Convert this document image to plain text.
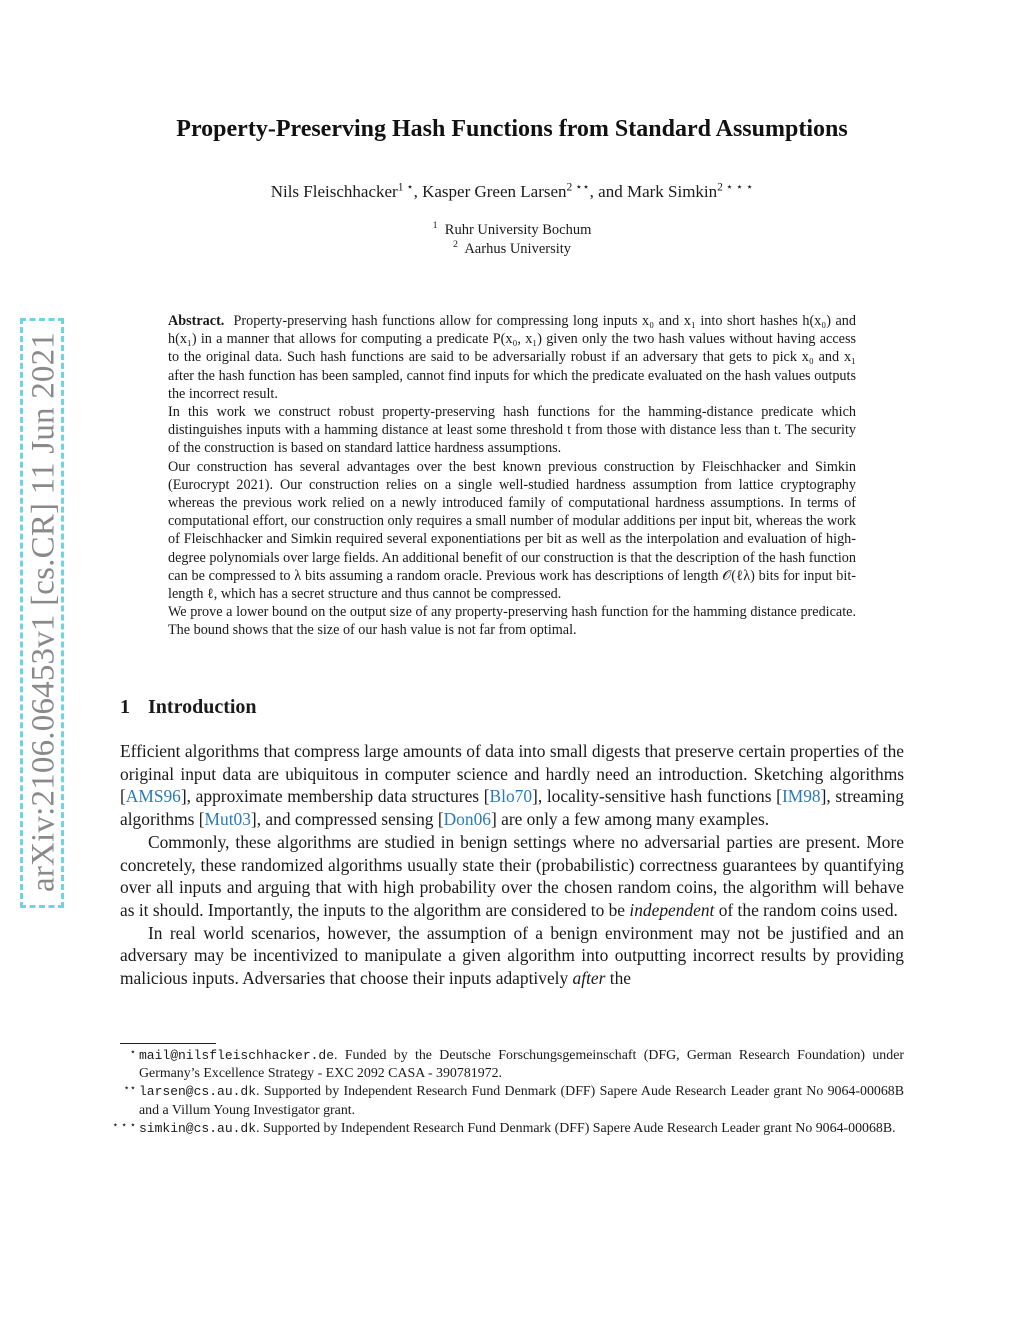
arXiv:2106.06453v1 [cs.CR] 11 Jun 2021
Property-Preserving Hash Functions from Standard Assumptions
Nils Fleischhacker$^{1 ⋆}$, Kasper Green Larsen$^{2 ⋆⋆}$, and Mark Simkin$^{2 ⋆ ⋆ ⋆}$
$^1$ Ruhr University Bochum
$^2$ Aarhus University

Abstract. Property-preserving hash functions allow for compressing long inputs x₀ and x₁ into short hashes h(x₀) and h(x₁) in a manner that allows for computing a predicate P(x₀, x₁) given only the two hash values without having access to the original data. Such hash functions are said to be adversarially robust if an adversary that gets to pick x₀ and x₁ after the hash function has been sampled, cannot find inputs for which the predicate evaluated on the hash values outputs the incorrect result.

In this work we construct robust property-preserving hash functions for the hamming-distance predicate which distinguishes inputs with a hamming distance at least some threshold t from those with distance less than t. The security of the construction is based on standard lattice hardness assumptions.

Our construction has several advantages over the best known previous construction by Fleischhacker and Simkin (Eurocrypt 2021). Our construction relies on a single well-studied hardness assumption from lattice cryptography whereas the previous work relied on a newly introduced family of computational hardness assumptions. In terms of computational effort, our construction only requires a small number of modular additions per input bit, whereas the work of Fleischhacker and Simkin required several exponentiations per bit as well as the interpolation and evaluation of high-degree polynomials over large fields. An additional benefit of our construction is that the description of the hash function can be compressed to λ bits assuming a random oracle. Previous work has descriptions of length 𝒪(ℓλ) bits for input bit-length ℓ, which has a secret structure and thus cannot be compressed.

We prove a lower bound on the output size of any property-preserving hash function for the hamming distance predicate. The bound shows that the size of our hash value is not far from optimal.

1 Introduction

Efficient algorithms that compress large amounts of data into small digests that preserve certain properties of the original input data are ubiquitous in computer science and hardly need an introduction. Sketching algorithms [AMS96], approximate membership data structures [Blo70], locality-sensitive hash functions [IM98], streaming algorithms [Mut03], and compressed sensing [Don06] are only a few among many examples.

Commonly, these algorithms are studied in benign settings where no adversarial parties are present. More concretely, these randomized algorithms usually state their (probabilistic) correctness guarantees by quantifying over all inputs and arguing that with high probability over the chosen random coins, the algorithm will behave as it should. Importantly, the inputs to the algorithm are considered to be independent of the random coins used.

In real world scenarios, however, the assumption of a benign environment may not be justified and an adversary may be incentivized to manipulate a given algorithm into outputting incorrect results by providing malicious inputs. Adversaries that choose their inputs adaptively after the

⋆ mail@nilsfleischhacker.de. Funded by the Deutsche Forschungsgemeinschaft (DFG, German Research Foundation) under Germany’s Excellence Strategy - EXC 2092 CASA - 390781972.
⋆⋆ larsen@cs.au.dk. Supported by Independent Research Fund Denmark (DFF) Sapere Aude Research Leader grant No 9064-00068B and a Villum Young Investigator grant.
⋆ ⋆ ⋆ simkin@cs.au.dk. Supported by Independent Research Fund Denmark (DFF) Sapere Aude Research Leader grant No 9064-00068B.
